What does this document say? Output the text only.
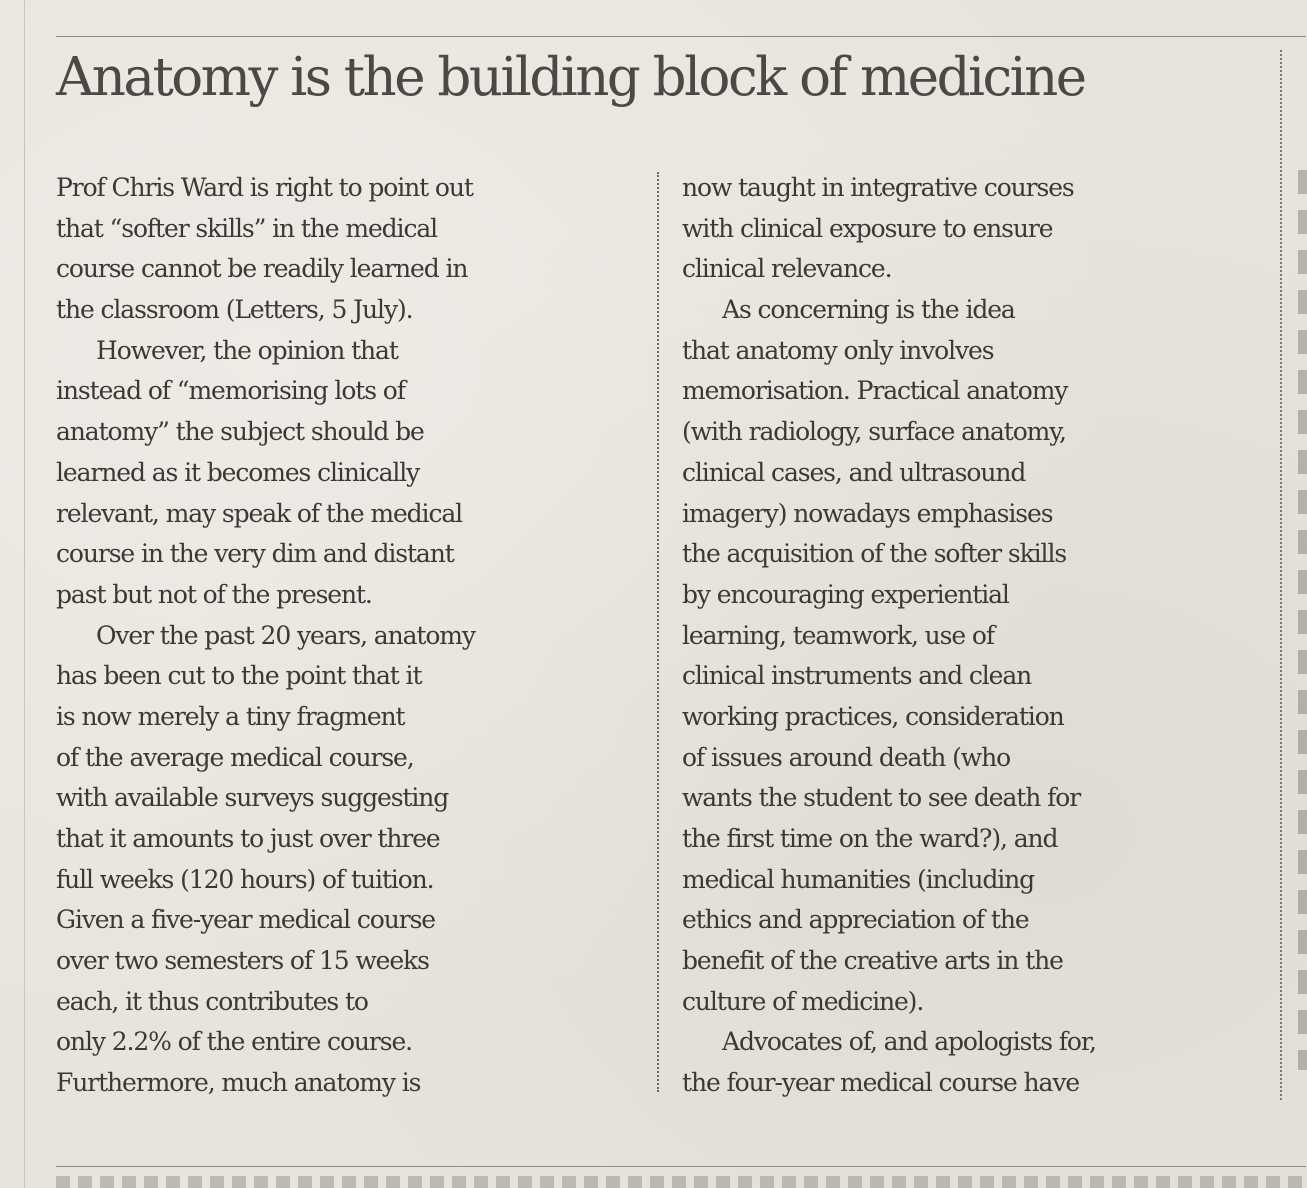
Anatomy is the building block of medicine
Prof Chris Ward is right to point out
that “softer skills” in the medical
course cannot be readily learned in
the classroom (Letters, 5 July).
However, the opinion that
instead of “memorising lots of
anatomy” the subject should be
learned as it becomes clinically
relevant, may speak of the medical
course in the very dim and distant
past but not of the present.
Over the past 20 years, anatomy
has been cut to the point that it
is now merely a tiny fragment
of the average medical course,
with available surveys suggesting
that it amounts to just over three
full weeks (120 hours) of tuition.
Given a five-year medical course
over two semesters of 15 weeks
each, it thus contributes to
only 2.2% of the entire course.
Furthermore, much anatomy is
now taught in integrative courses
with clinical exposure to ensure
clinical relevance.
As concerning is the idea
that anatomy only involves
memorisation. Practical anatomy
(with radiology, surface anatomy,
clinical cases, and ultrasound
imagery) nowadays emphasises
the acquisition of the softer skills
by encouraging experiential
learning, teamwork, use of
clinical instruments and clean
working practices, consideration
of issues around death (who
wants the student to see death for
the first time on the ward?), and
medical humanities (including
ethics and appreciation of the
benefit of the creative arts in the
culture of medicine).
Advocates of, and apologists for,
the four-year medical course have
